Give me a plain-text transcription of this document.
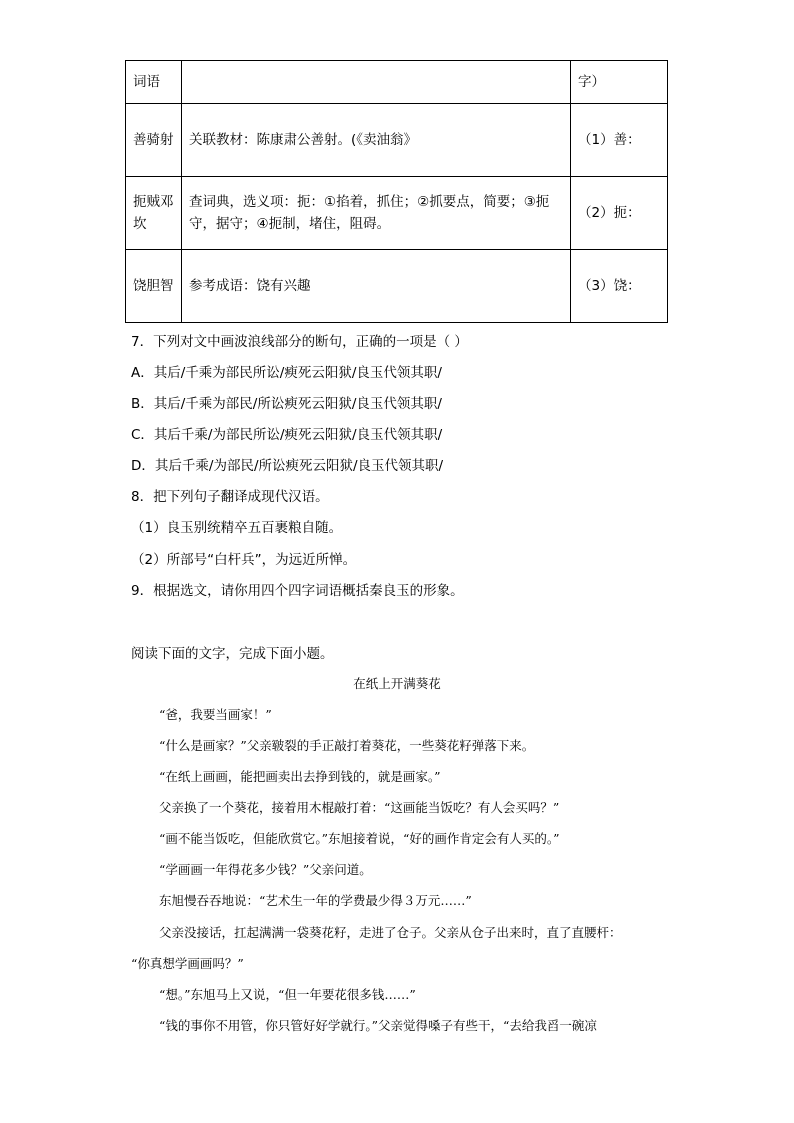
词语		字）
善骑射	关联教材：陈康肃公善射。(《卖油翁》	（1）善：
扼贼邓坎	查词典，选义项：扼：①掐着，抓住；②抓要点，简要；③扼守，据守；④扼制，堵住，阻碍。	（2）扼：
饶胆智	参考成语：饶有兴趣	（3）饶：
7．下列对文中画波浪线部分的断句，正确的一项是（ ）
A．其后/千乘为部民所讼/瘐死云阳狱/良玉代领其职/
B．其后/千乘为部民/所讼瘐死云阳狱/良玉代领其职/
C．其后千乘/为部民所讼/瘐死云阳狱/良玉代领其职/
D．其后千乘/为部民/所讼瘐死云阳狱/良玉代领其职/
8．把下列句子翻译成现代汉语。
（1）良玉别统精卒五百裹粮自随。
（2）所部号“白杆兵”，为远近所惮。
9．根据选文，请你用四个四字词语概括秦良玉的形象。
阅读下面的文字，完成下面小题。
在纸上开满葵花
“爸，我要当画家！”
“什么是画家？”父亲皲裂的手正敲打着葵花，一些葵花籽弹落下来。
“在纸上画画，能把画卖出去挣到钱的，就是画家。”
父亲换了一个葵花，接着用木棍敲打着：“这画能当饭吃？有人会买吗？”
“画不能当饭吃，但能欣赏它。”东旭接着说，“好的画作肯定会有人买的。”
“学画画一年得花多少钱？”父亲问道。
东旭慢吞吞地说：“艺术生一年的学费最少得３万元……”
父亲没接话，扛起满满一袋葵花籽，走进了仓子。父亲从仓子出来时，直了直腰杆：
“你真想学画画吗？”
“想。”东旭马上又说，“但一年要花很多钱……”
“钱的事你不用管，你只管好好学就行。”父亲觉得嗓子有些干，“去给我舀一碗凉
